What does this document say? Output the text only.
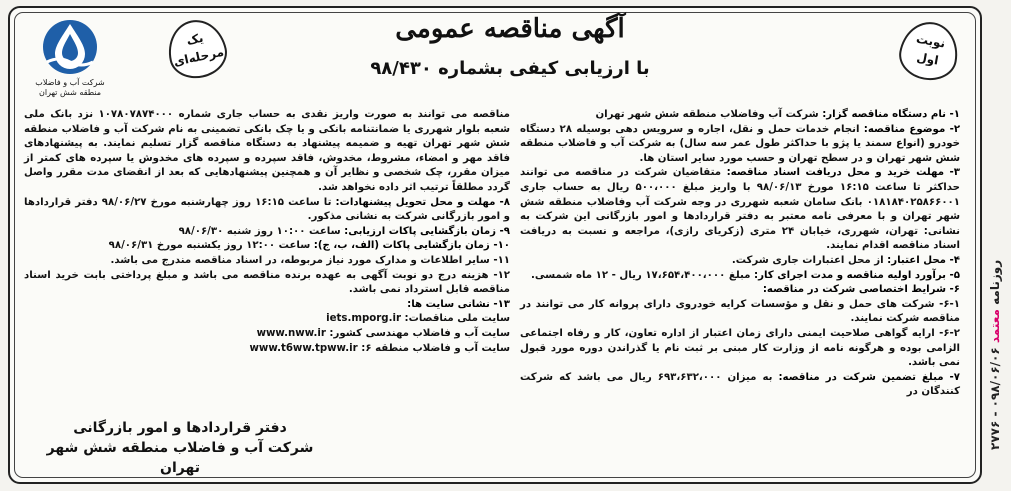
شرکت آب و فاضلاب
منطقه شش تهران
یک
مرحله‌ای
نوبت
اول
آگهی مناقصه عمومی
با ارزیابی کیفی بشماره ۹۸/۴۳۰

۱- نام دستگاه مناقصه گزار: شرکت آب وفاضلاب منطقه شش شهر تهران

۲- موضوع مناقصه: انجام خدمات حمل و نقل، اجاره و سرویس دهی بوسیله ۲۸ دستگاه خودرو (انواع سمند یا پژو با حداکثر طول عمر سه سال) به شرکت آب و فاضلاب منطقه شش شهر تهران و در سطح تهران و حسب مورد سایر استان ها.

۳- مهلت خرید و محل دریافت اسناد مناقصه: متقاضیان شرکت در مناقصه می توانند حداکثر تا ساعت ۱۶:۱۵ مورخ ۹۸/۰۶/۱۳ با واریز مبلغ ۵۰۰،۰۰۰ ریال به حساب جاری ۰۱۸۱۸۴۰۲۵۸۶۶۰۰۱ بانک سامان شعبه شهرری در وجه شرکت آب وفاضلاب منطقه شش شهر تهران و با معرفی نامه معتبر به دفتر قراردادها و امور بازرگانی این شرکت به نشانی: تهران، شهرری، خیابان ۲۴ متری (زکریای رازی)، مراجعه و نسبت به دریافت اسناد مناقصه اقدام نمایند.

۴- محل اعتبار: از محل اعتبارات جاری شرکت.

۵- برآورد اولیه مناقصه و مدت اجرای کار: مبلغ ۱۷،۶۵۴،۴۰۰،۰۰۰ ریال - ۱۲ ماه شمسی.

۶- شرایط اختصاصی شرکت در مناقصه:

۶-۱- شرکت های حمل و نقل و مؤسسات کرایه خودروی دارای پروانه کار می توانند در مناقصه شرکت نمایند.

۶-۲- ارایه گواهی صلاحیت ایمنی دارای زمان اعتبار از اداره تعاون، کار و رفاه اجتماعی الزامی بوده و هرگونه نامه از وزارت کار مبنی بر ثبت نام یا گذراندن دوره مورد قبول نمی باشد.

۷- مبلغ تضمین شرکت در مناقصه: به میزان ۶۹۳،۶۳۲،۰۰۰ ریال می باشد که شرکت کنندگان در

مناقصه می توانند به صورت واریز نقدی به حساب جاری شماره ۱۰۷۸۰۷۸۷۴۰۰۰ نزد بانک ملی شعبه بلوار شهرری یا ضمانتنامه بانکی و یا چک بانکی تضمینی به نام شرکت آب و فاضلاب منطقه شش شهر تهران تهیه و ضمیمه پیشنهاد به دستگاه مناقصه گزار تسلیم نمایند. به پیشنهادهای فاقد مهر و امضاء، مشروط، مخدوش، فاقد سپرده و سپرده های مخدوش یا سپرده های کمتر از میزان مقرر، چک شخصی و نظایر آن و همچنین پیشنهادهایی که بعد از انقضای مدت مقرر واصل گردد مطلقاً ترتیب اثر داده نخواهد شد.

۸- مهلت و محل تحویل پیشنهادات: تا ساعت ۱۶:۱۵ روز چهارشنبه مورخ ۹۸/۰۶/۲۷ دفتر قراردادها و امور بازرگانی شرکت به نشانی مذکور.

۹- زمان بازگشایی پاکات ارزیابی: ساعت ۱۰:۰۰ روز شنبه ۹۸/۰۶/۳۰

۱۰- زمان بازگشایی پاکات (الف، ب، ج): ساعت ۱۲:۰۰ روز یکشنبه مورخ ۹۸/۰۶/۳۱

۱۱- سایر اطلاعات و مدارک مورد نیاز مربوطه، در اسناد مناقصه مندرج می باشد.

۱۲- هزینه درج دو نوبت آگهی به عهده برنده مناقصه می باشد و مبلغ پرداختی بابت خرید اسناد مناقصه قابل استرداد نمی باشد.

۱۳- نشانی سایت ها:

سایت ملی مناقصات: iets.mporg.ir
سایت آب و فاضلاب مهندسی کشور: www.nww.ir
سایت آب و فاضلاب منطقه ۶: www.t6ww.tpww.ir
دفتر قراردادها و امور بازرگانی
شرکت آب و فاضلاب منطقه شش شهر تهران
روزنامه معتمد ۰۹۸/۰۶/۰۶ - ۲۷۷۶
